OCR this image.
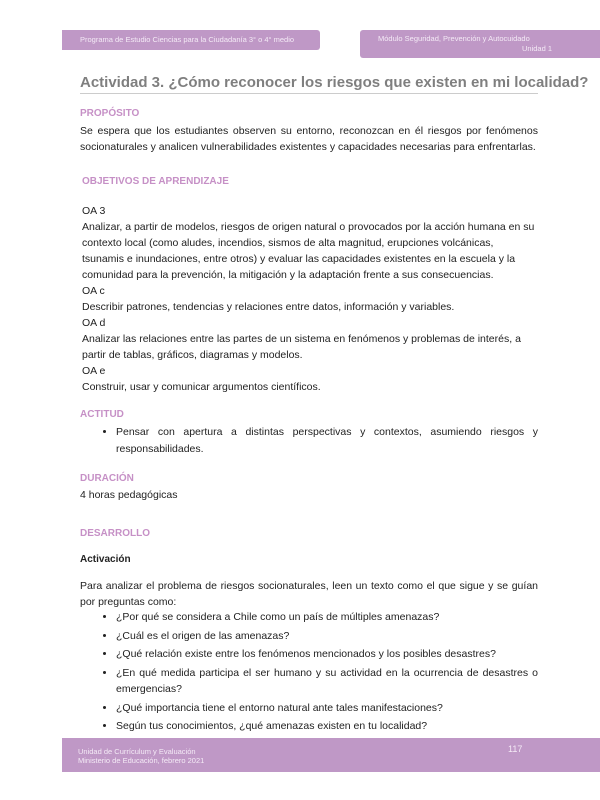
Programa de Estudio Ciencias para la Ciudadanía 3° o 4° medio	Módulo Seguridad, Prevención y Autocuidado
Unidad 1
Actividad 3. ¿Cómo reconocer los riesgos que existen en mi localidad?
PROPÓSITO
Se espera que los estudiantes observen su entorno, reconozcan en él riesgos por fenómenos socionaturales y analicen vulnerabilidades existentes y capacidades necesarias para enfrentarlas.
OBJETIVOS DE APRENDIZAJE
OA 3
Analizar, a partir de modelos, riesgos de origen natural o provocados por la acción humana en su contexto local (como aludes, incendios, sismos de alta magnitud, erupciones volcánicas, tsunamis e inundaciones, entre otros) y evaluar las capacidades existentes en la escuela y la comunidad para la prevención, la mitigación y la adaptación frente a sus consecuencias.
OA c
Describir patrones, tendencias y relaciones entre datos, información y variables.
OA d
Analizar las relaciones entre las partes de un sistema en fenómenos y problemas de interés, a partir de tablas, gráficos, diagramas y modelos.
OA e
Construir, usar y comunicar argumentos científicos.
ACTITUD
• Pensar con apertura a distintas perspectivas y contextos, asumiendo riesgos y responsabilidades.
DURACIÓN
4 horas pedagógicas
DESARROLLO
Activación
Para analizar el problema de riesgos socionaturales, leen un texto como el que sigue y se guían por preguntas como:
• ¿Por qué se considera a Chile como un país de múltiples amenazas?
• ¿Cuál es el origen de las amenazas?
• ¿Qué relación existe entre los fenómenos mencionados y los posibles desastres?
• ¿En qué medida participa el ser humano y su actividad en la ocurrencia de desastres o emergencias?
• ¿Qué importancia tiene el entorno natural ante tales manifestaciones?
• Según tus conocimientos, ¿qué amenazas existen en tu localidad?
Unidad de Currículum y Evaluación
Ministerio de Educación, febrero 2021
117
